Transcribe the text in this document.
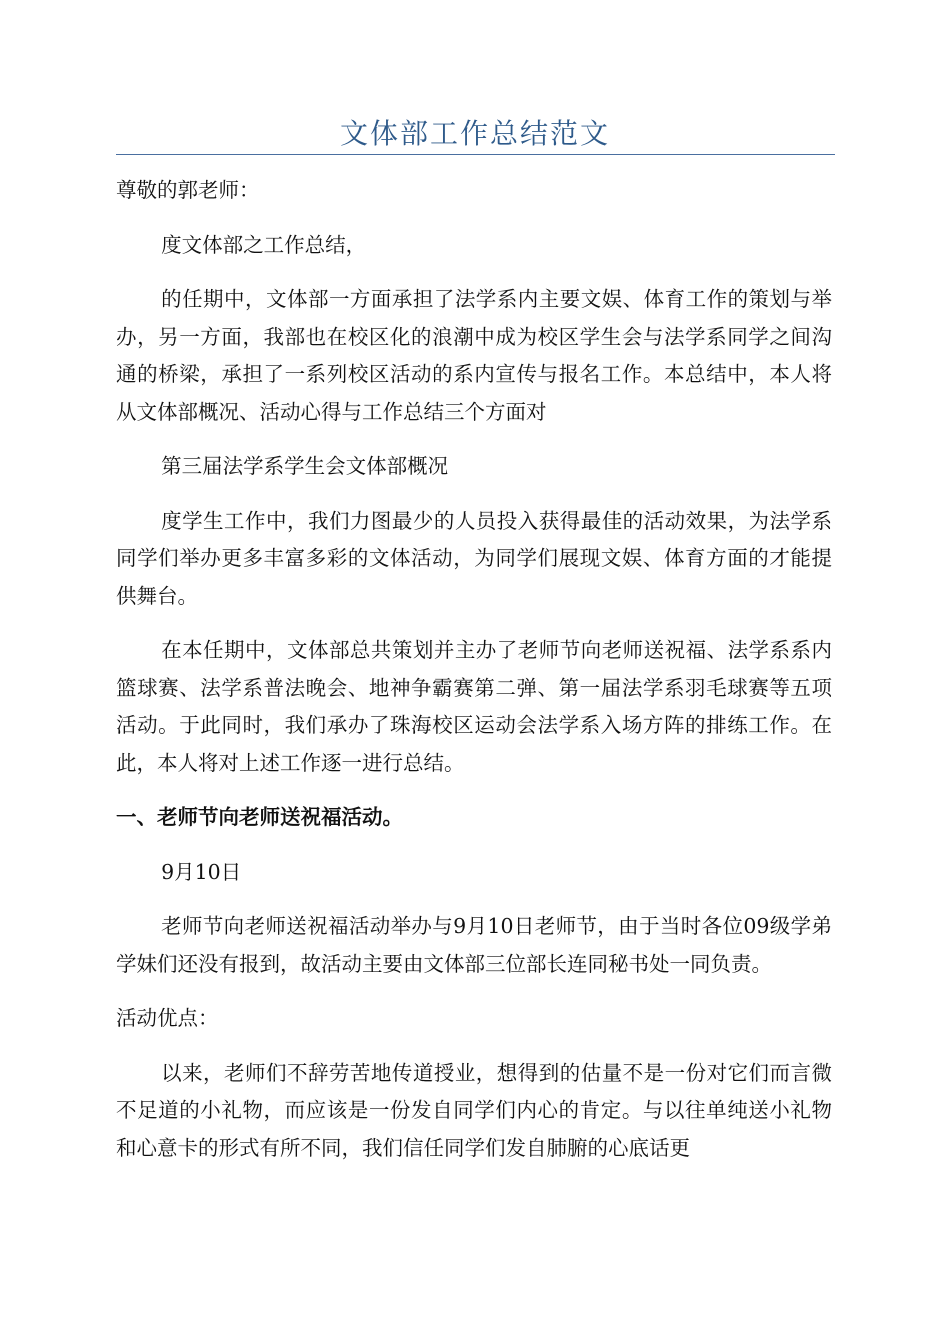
文体部工作总结范文

尊敬的郭老师：

度文体部之工作总结，

的任期中，文体部一方面承担了法学系内主要文娱、体育工作的策划与举办，另一方面，我部也在校区化的浪潮中成为校区学生会与法学系同学之间沟通的桥梁，承担了一系列校区活动的系内宣传与报名工作。本总结中，本人将从文体部概况、活动心得与工作总结三个方面对

第三届法学系学生会文体部概况

度学生工作中，我们力图最少的人员投入获得最佳的活动效果，为法学系同学们举办更多丰富多彩的文体活动，为同学们展现文娱、体育方面的才能提供舞台。

在本任期中，文体部总共策划并主办了老师节向老师送祝福、法学系系内篮球赛、法学系普法晚会、地神争霸赛第二弹、第一届法学系羽毛球赛等五项活动。于此同时，我们承办了珠海校区运动会法学系入场方阵的排练工作。在此，本人将对上述工作逐一进行总结。

一、老师节向老师送祝福活动。

9月10日

老师节向老师送祝福活动举办与9月10日老师节，由于当时各位09级学弟学妹们还没有报到，故活动主要由文体部三位部长连同秘书处一同负责。

活动优点：

以来，老师们不辞劳苦地传道授业，想得到的估量不是一份对它们而言微不足道的小礼物，而应该是一份发自同学们内心的肯定。与以往单纯送小礼物和心意卡的形式有所不同，我们信任同学们发自肺腑的心底话更
